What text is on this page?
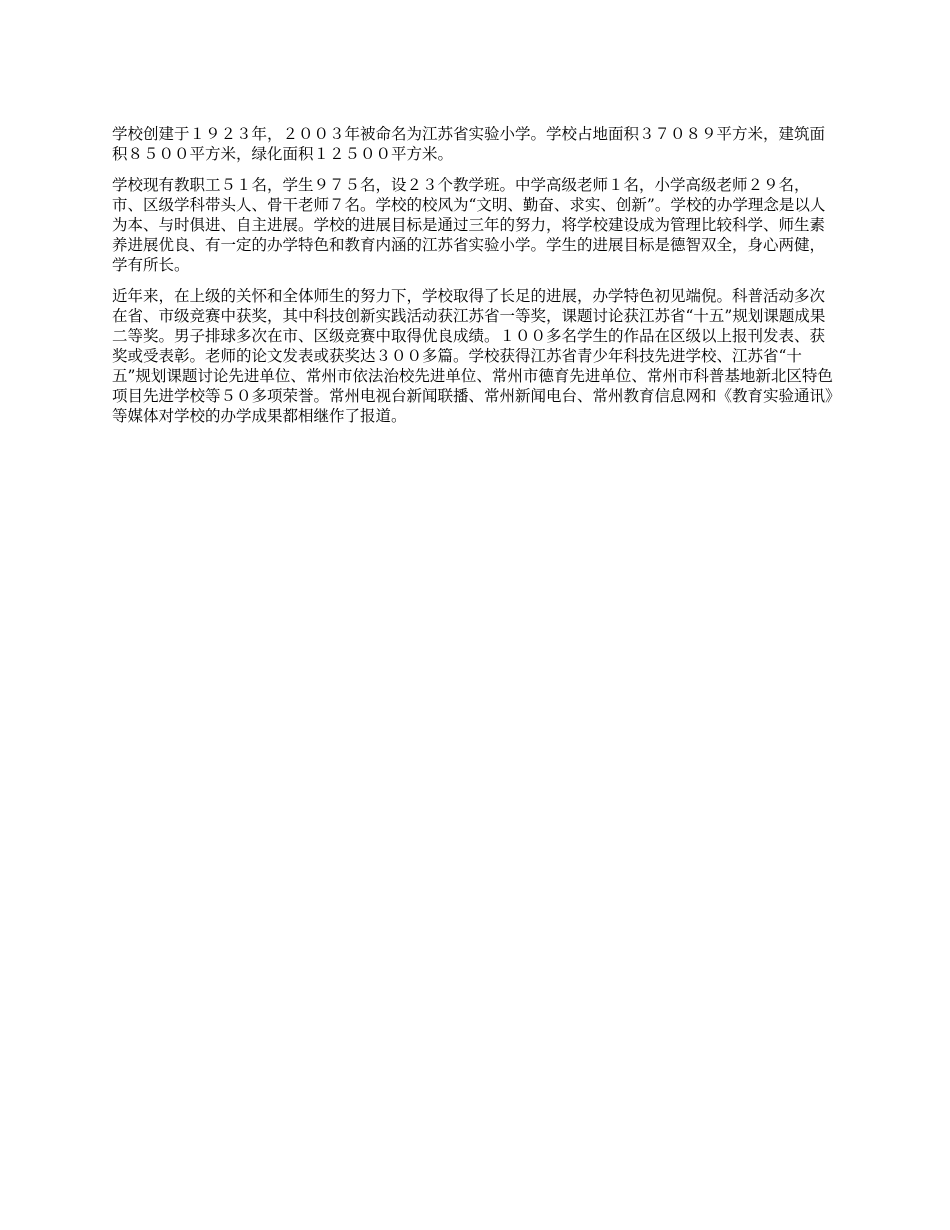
学校创建于１９２３年，２００３年被命名为江苏省实验小学。学校占地面积３７０８９平方米，建筑面积８５００平方米，绿化面积１２５００平方米。

学校现有教职工５１名，学生９７５名，设２３个教学班。中学高级老师１名，小学高级老师２９名，市、区级学科带头人、骨干老师７名。学校的校风为“文明、勤奋、求实、创新”。学校的办学理念是以人为本、与时俱进、自主进展。学校的进展目标是通过三年的努力，将学校建设成为管理比较科学、师生素养进展优良、有一定的办学特色和教育内涵的江苏省实验小学。学生的进展目标是德智双全，身心两健，学有所长。

近年来，在上级的关怀和全体师生的努力下，学校取得了长足的进展，办学特色初见端倪。科普活动多次在省、市级竞赛中获奖，其中科技创新实践活动获江苏省一等奖，课题讨论获江苏省“十五”规划课题成果二等奖。男子排球多次在市、区级竞赛中取得优良成绩。１００多名学生的作品在区级以上报刊发表、获奖或受表彰。老师的论文发表或获奖达３００多篇。学校获得江苏省青少年科技先进学校、江苏省“十五”规划课题讨论先进单位、常州市依法治校先进单位、常州市德育先进单位、常州市科普基地新北区特色项目先进学校等５０多项荣誉。常州电视台新闻联播、常州新闻电台、常州教育信息网和《教育实验通讯》等媒体对学校的办学成果都相继作了报道。
